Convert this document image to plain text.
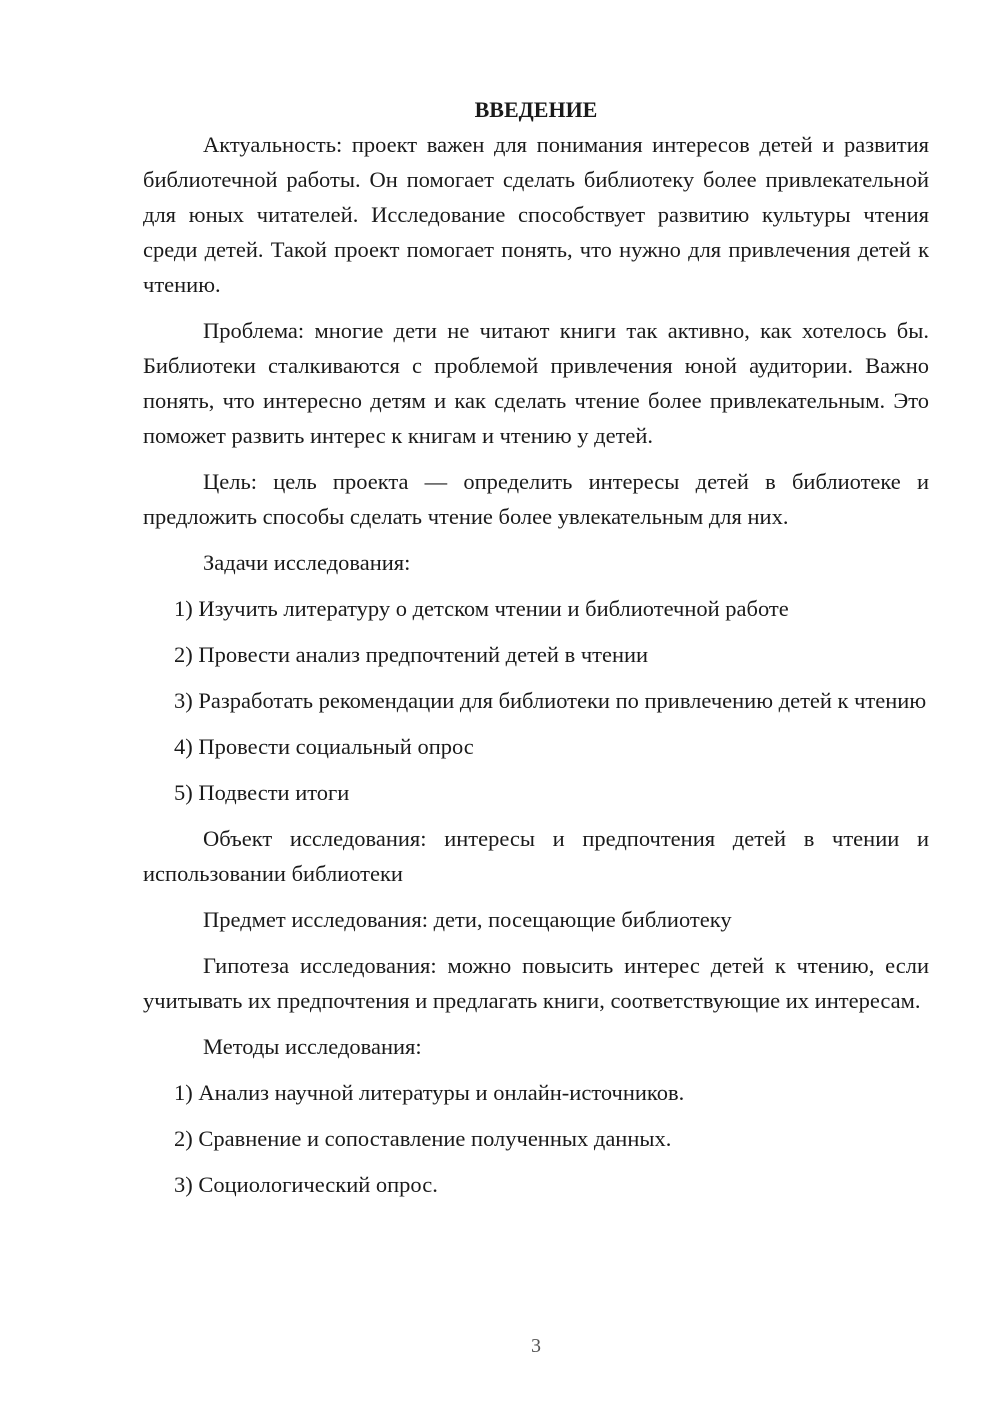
ВВЕДЕНИЕ

Актуальность: проект важен для понимания интересов детей и развития библиотечной работы. Он помогает сделать библиотеку более привлекательной для юных читателей. Исследование способствует развитию культуры чтения среди детей. Такой проект помогает понять, что нужно для привлечения детей к чтению.

Проблема: многие дети не читают книги так активно, как хотелось бы. Библиотеки сталкиваются с проблемой привлечения юной аудитории. Важно понять, что интересно детям и как сделать чтение более привлекательным. Это поможет развить интерес к книгам и чтению у детей.

Цель: цель проекта — определить интересы детей в библиотеке и предложить способы сделать чтение более увлекательным для них.

Задачи исследования:

1) Изучить литературу о детском чтении и библиотечной работе

2) Провести анализ предпочтений детей в чтении

3) Разработать рекомендации для библиотеки по привлечению детей к чтению

4) Провести социальный опрос

5) Подвести итоги

Объект исследования: интересы и предпочтения детей в чтении и использовании библиотеки

Предмет исследования: дети, посещающие библиотеку

Гипотеза исследования: можно повысить интерес детей к чтению, если учитывать их предпочтения и предлагать книги, соответствующие их интересам.

Методы исследования:

1) Анализ научной литературы и онлайн-источников.

2) Сравнение и сопоставление полученных данных.

3) Социологический опрос.

3
